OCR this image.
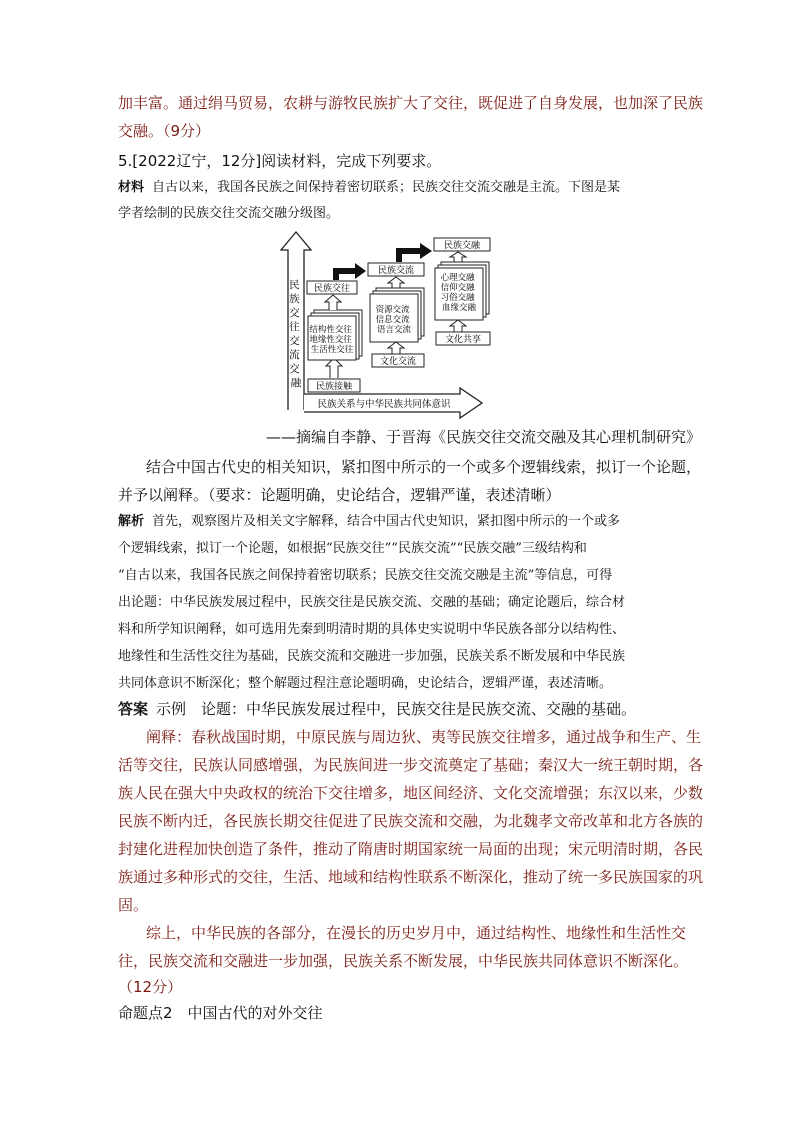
加丰富。通过绢马贸易，农耕与游牧民族扩大了交往，既促进了自身发展，也加深了民族
交融。（9分）
5.[2022辽宁，12分]阅读材料，完成下列要求。
材料 自古以来，我国各民族之间保持着密切联系；民族交往交流交融是主流。下图是某
学者绘制的民族交往交流交融分级图。
民 族 交 往 交 流 交 融
民族关系与中华民族共同体意识
民族接触
结构性交往 地缘性交往 生活性交往
民族交往
民族交流
资源交流 信息交流 语言交流
文化交流
民族交融
心理交融 信仰交融 习俗交融 血缘交融
文化共享
——摘编自李静、于晋海《民族交往交流交融及其心理机制研究》
结合中国古代史的相关知识，紧扣图中所示的一个或多个逻辑线索，拟订一个论题，
并予以阐释。（要求：论题明确，史论结合，逻辑严谨，表述清晰）
解析 首先，观察图片及相关文字解释，结合中国古代史知识，紧扣图中所示的一个或多
个逻辑线索，拟订一个论题，如根据“民族交往”“民族交流”“民族交融”三级结构和
“自古以来，我国各民族之间保持着密切联系；民族交往交流交融是主流”等信息，可得
出论题：中华民族发展过程中，民族交往是民族交流、交融的基础；确定论题后，综合材
料和所学知识阐释，如可选用先秦到明清时期的具体史实说明中华民族各部分以结构性、
地缘性和生活性交往为基础，民族交流和交融进一步加强，民族关系不断发展和中华民族
共同体意识不断深化；整个解题过程注意论题明确，史论结合，逻辑严谨，表述清晰。
答案 示例　论题：中华民族发展过程中，民族交往是民族交流、交融的基础。
阐释：春秋战国时期，中原民族与周边狄、夷等民族交往增多，通过战争和生产、生
活等交往，民族认同感增强，为民族间进一步交流奠定了基础；秦汉大一统王朝时期，各
族人民在强大中央政权的统治下交往增多，地区间经济、文化交流增强；东汉以来，少数
民族不断内迁，各民族长期交往促进了民族交流和交融，为北魏孝文帝改革和北方各族的
封建化进程加快创造了条件，推动了隋唐时期国家统一局面的出现；宋元明清时期，各民
族通过多种形式的交往，生活、地域和结构性联系不断深化，推动了统一多民族国家的巩
固。
综上，中华民族的各部分，在漫长的历史岁月中，通过结构性、地缘性和生活性交
往，民族交流和交融进一步加强，民族关系不断发展，中华民族共同体意识不断深化。
（12分）
命题点2　中国古代的对外交往
